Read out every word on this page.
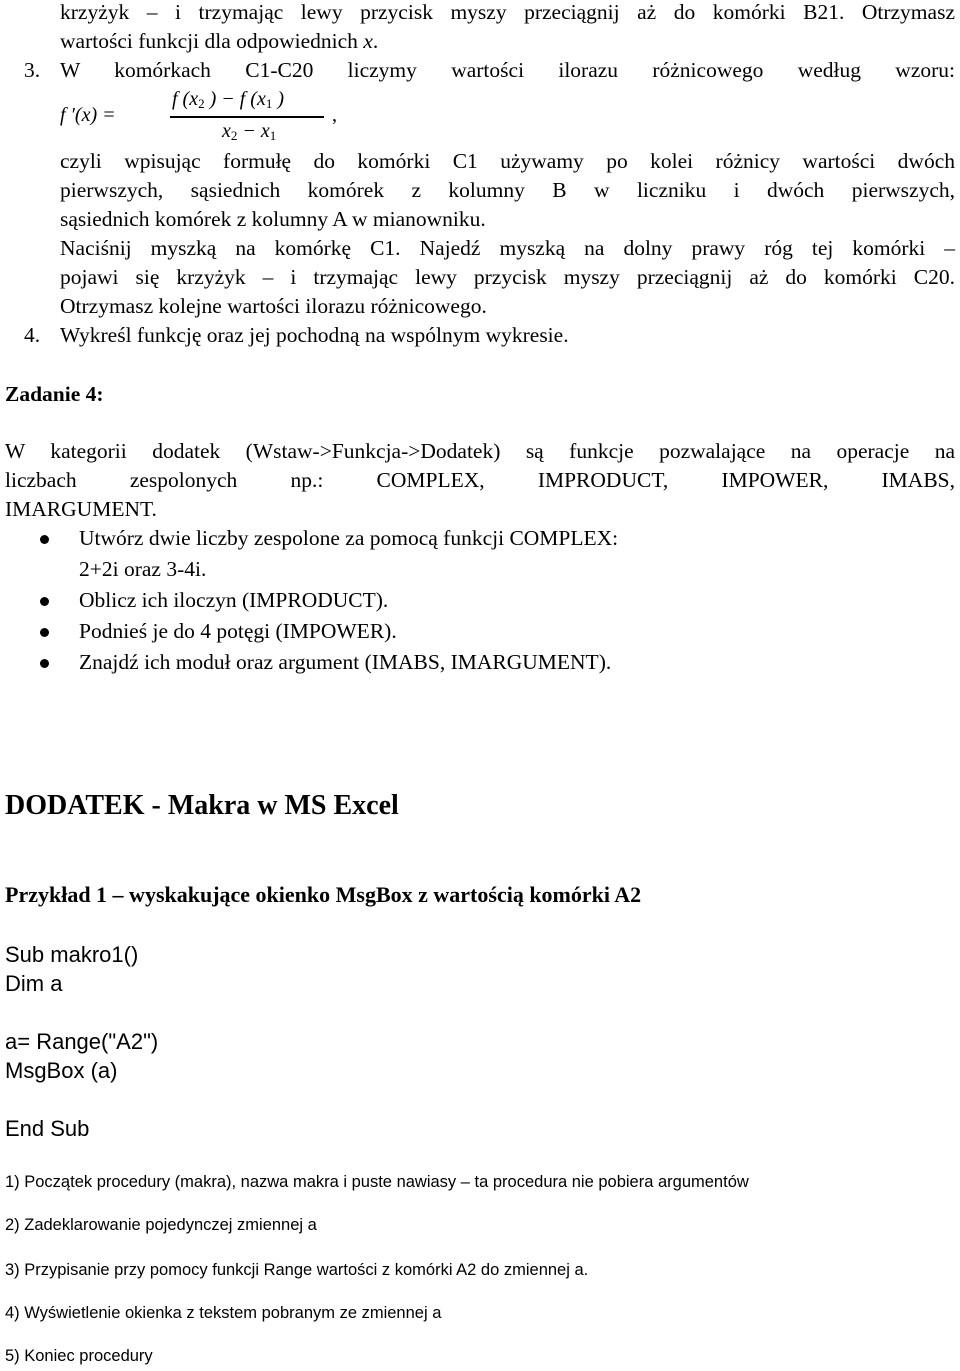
krzyżyk – i trzymając lewy przycisk myszy przeciągnij aż do komórki B21. Otrzymasz
wartości funkcji dla odpowiednich x.
3. W komórkach C1-C20 liczymy wartości ilorazu różnicowego według wzoru:
f ′(x) =
f ($x_2$ ) − f ($x_1$ )
$x_2 - x_1$
,
czyli wpisując formułę do komórki C1 używamy po kolei różnicy wartości dwóch
pierwszych, sąsiednich komórek z kolumny B w liczniku i dwóch pierwszych,
sąsiednich komórek z kolumny A w mianowniku.
Naciśnij myszką na komórkę C1. Najedź myszką na dolny prawy róg tej komórki –
pojawi się krzyżyk – i trzymając lewy przycisk myszy przeciągnij aż do komórki C20.
Otrzymasz kolejne wartości ilorazu różnicowego.
4. Wykreśl funkcję oraz jej pochodną na wspólnym wykresie.
Zadanie 4:
W kategorii dodatek (Wstaw->Funkcja->Dodatek) są funkcje pozwalające na operacje na
liczbach zespolonych np.: COMPLEX, IMPRODUCT, IMPOWER, IMABS,
IMARGUMENT.
Utwórz dwie liczby zespolone za pomocą funkcji COMPLEX:
2+2i oraz 3-4i.
Oblicz ich iloczyn (IMPRODUCT).
Podnieś je do 4 potęgi (IMPOWER).
Znajdź ich moduł oraz argument (IMABS, IMARGUMENT).
DODATEK - Makra w MS Excel
Przykład 1 – wyskakujące okienko MsgBox z wartością komórki A2
Sub makro1()
Dim a
a= Range("A2")
MsgBox (a)
End Sub
1) Początek procedury (makra), nazwa makra i puste nawiasy – ta procedura nie pobiera argumentów
2) Zadeklarowanie pojedynczej zmiennej a
3) Przypisanie przy pomocy funkcji Range wartości z komórki A2 do zmiennej a.
4) Wyświetlenie okienka z tekstem pobranym ze zmiennej a
5) Koniec procedury
